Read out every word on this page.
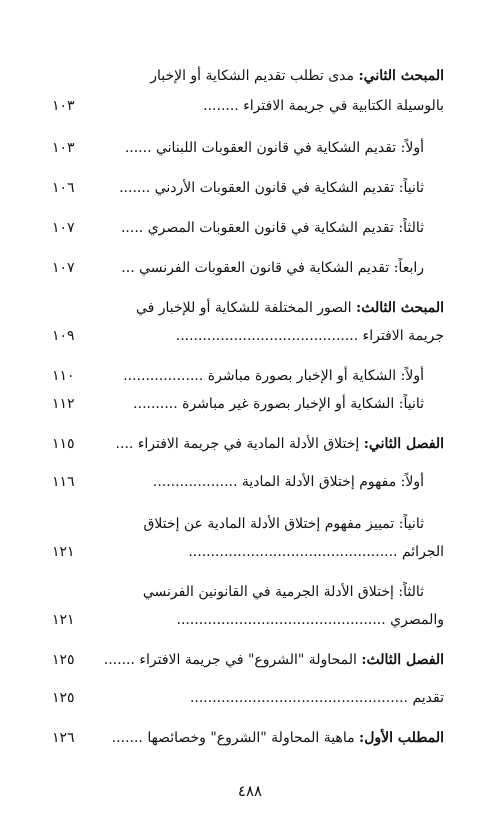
المبحث الثاني: مدى تطلب تقديم الشكاية أو الإخبار
بالوسيلة الكتابية في جريمة الافتراء ........
١٠٣
أولاً: تقديم الشكاية في قانون العقوبات اللبناني ......
١٠٣
ثانياً: تقديم الشكاية في قانون العقوبات الأردني .......
١٠٦
ثالثاً: تقديم الشكاية في قانون العقوبات المصري .....
١٠٧
رابعاً: تقديم الشكاية في قانون العقوبات الفرنسي ...
١٠٧
المبحث الثالث: الصور المختلفة للشكاية أو للإخبار في
جريمة الافتراء .........................................
١٠٩
أولاً: الشكاية أو الإخبار بصورة مباشرة ..................
١١٠
ثانياً: الشكاية أو الإخبار بصورة غير مباشرة ..........
١١٢
الفصل الثاني: إختلاق الأدلة المادية في جريمة الافتراء ....
١١٥
أولاً: مفهوم إختلاق الأدلة المادية ...................
١١٦
ثانياً: تمييز مفهوم إختلاق الأدلة المادية عن إختلاق
الجرائم ...............................................
١٢١
ثالثاً: إختلاق الأدلة الجرمية في القانونين الفرنسي
والمصري ...............................................
١٢١
الفصل الثالث: المحاولة "الشروع" في جريمة الافتراء .......
١٢٥
تقديم .................................................
١٢٥
المطلب الأول: ماهية المحاولة "الشروع" وخصائصها .......
١٢٦
٤٨٨
